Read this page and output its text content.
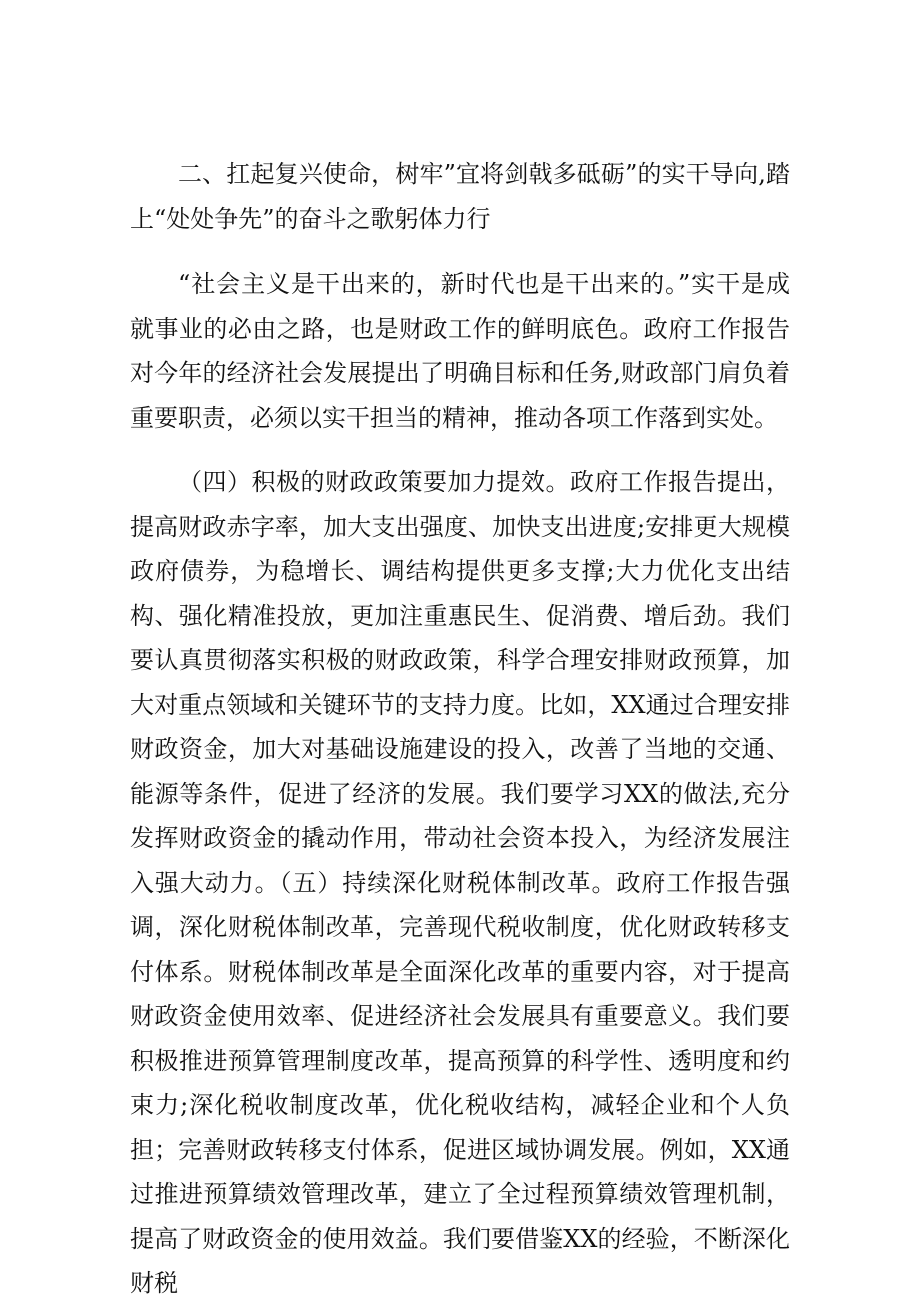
二、扛起复兴使命，树牢”宜将剑戟多砥砺”的实干导向,踏上“处处争先”的奋斗之歌躬体力行

“社会主义是干出来的，新时代也是干出来的。”实干是成就事业的必由之路，也是财政工作的鲜明底色。政府工作报告对今年的经济社会发展提出了明确目标和任务,财政部门肩负着重要职责，必须以实干担当的精神，推动各项工作落到实处。

（四）积极的财政政策要加力提效。政府工作报告提出，提高财政赤字率，加大支出强度、加快支出进度;安排更大规模政府债券，为稳增长、调结构提供更多支撑;大力优化支出结构、强化精准投放，更加注重惠民生、促消费、增后劲。我们要认真贯彻落实积极的财政政策，科学合理安排财政预算，加大对重点领域和关键环节的支持力度。比如，XX通过合理安排财政资金，加大对基础设施建设的投入，改善了当地的交通、能源等条件，促进了经济的发展。我们要学习XX的做法,充分发挥财政资金的撬动作用，带动社会资本投入，为经济发展注入强大动力。（五）持续深化财税体制改革。政府工作报告强调，深化财税体制改革，完善现代税收制度，优化财政转移支付体系。财税体制改革是全面深化改革的重要内容，对于提高财政资金使用效率、促进经济社会发展具有重要意义。我们要积极推进预算管理制度改革，提高预算的科学性、透明度和约束力;深化税收制度改革，优化税收结构，减轻企业和个人负担；完善财政转移支付体系，促进区域协调发展。例如，XX通过推进预算绩效管理改革，建立了全过程预算绩效管理机制，提高了财政资金的使用效益。我们要借鉴XX的经验，不断深化财税
